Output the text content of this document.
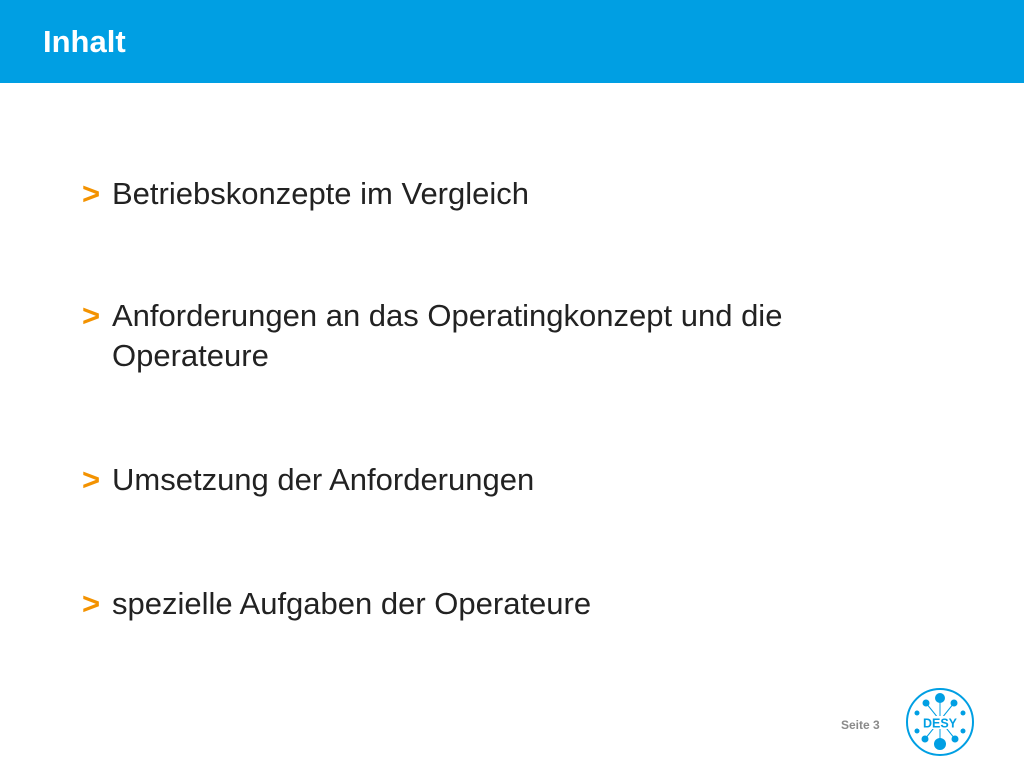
Inhalt
> Betriebskonzepte im Vergleich
> Anforderungen an das Operatingkonzept und die Operateure
> Umsetzung der Anforderungen
> spezielle Aufgaben der Operateure
Seite 3	DESY
